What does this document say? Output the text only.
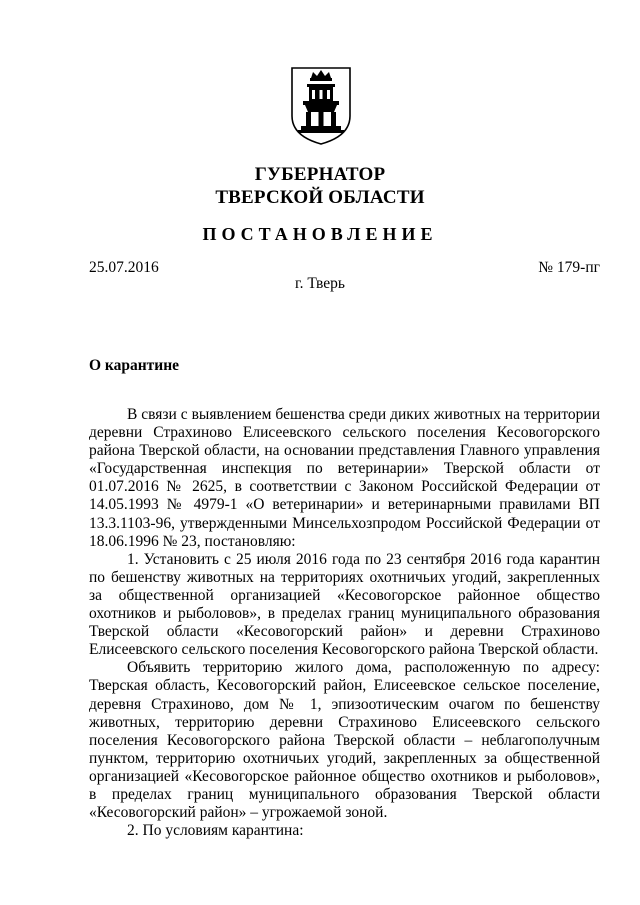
ГУБЕРНАТОР
ТВЕРСКОЙ ОБЛАСТИ
ПОСТАНОВЛЕНИЕ
25.07.2016	№ 179-пг
г. Тверь
О карантине

В связи с выявлением бешенства среди диких животных на территории деревни Страхиново Елисеевского сельского поселения Кесовогорского района Тверской области, на основании представления Главного управления «Государственная инспекция по ветеринарии» Тверской области от 01.07.2016 № 2625, в соответствии с Законом Российской Федерации от 14.05.1993 № 4979-1 «О ветеринарии» и ветеринарными правилами ВП 13.3.1103-96, утвержденными Минсельхозпродом Российской Федерации от 18.06.1996 № 23, постановляю:

1. Установить с 25 июля 2016 года по 23 сентября 2016 года карантин по бешенству животных на территориях охотничьих угодий, закрепленных за общественной организацией «Кесовогорское районное общество охотников и рыболовов», в пределах границ муниципального образования Тверской области «Кесовогорский район» и деревни Страхиново Елисеевского сельского поселения Кесовогорского района Тверской области.

Объявить территорию жилого дома, расположенную по адресу: Тверская область, Кесовогорский район, Елисеевское сельское поселение, деревня Страхиново, дом № 1, эпизоотическим очагом по бешенству животных, территорию деревни Страхиново Елисеевского сельского поселения Кесовогорского района Тверской области – неблагополучным пунктом, территорию охотничьих угодий, закрепленных за общественной организацией «Кесовогорское районное общество охотников и рыболовов», в пределах границ муниципального образования Тверской области «Кесовогорский район» – угрожаемой зоной.

2. По условиям карантина:
